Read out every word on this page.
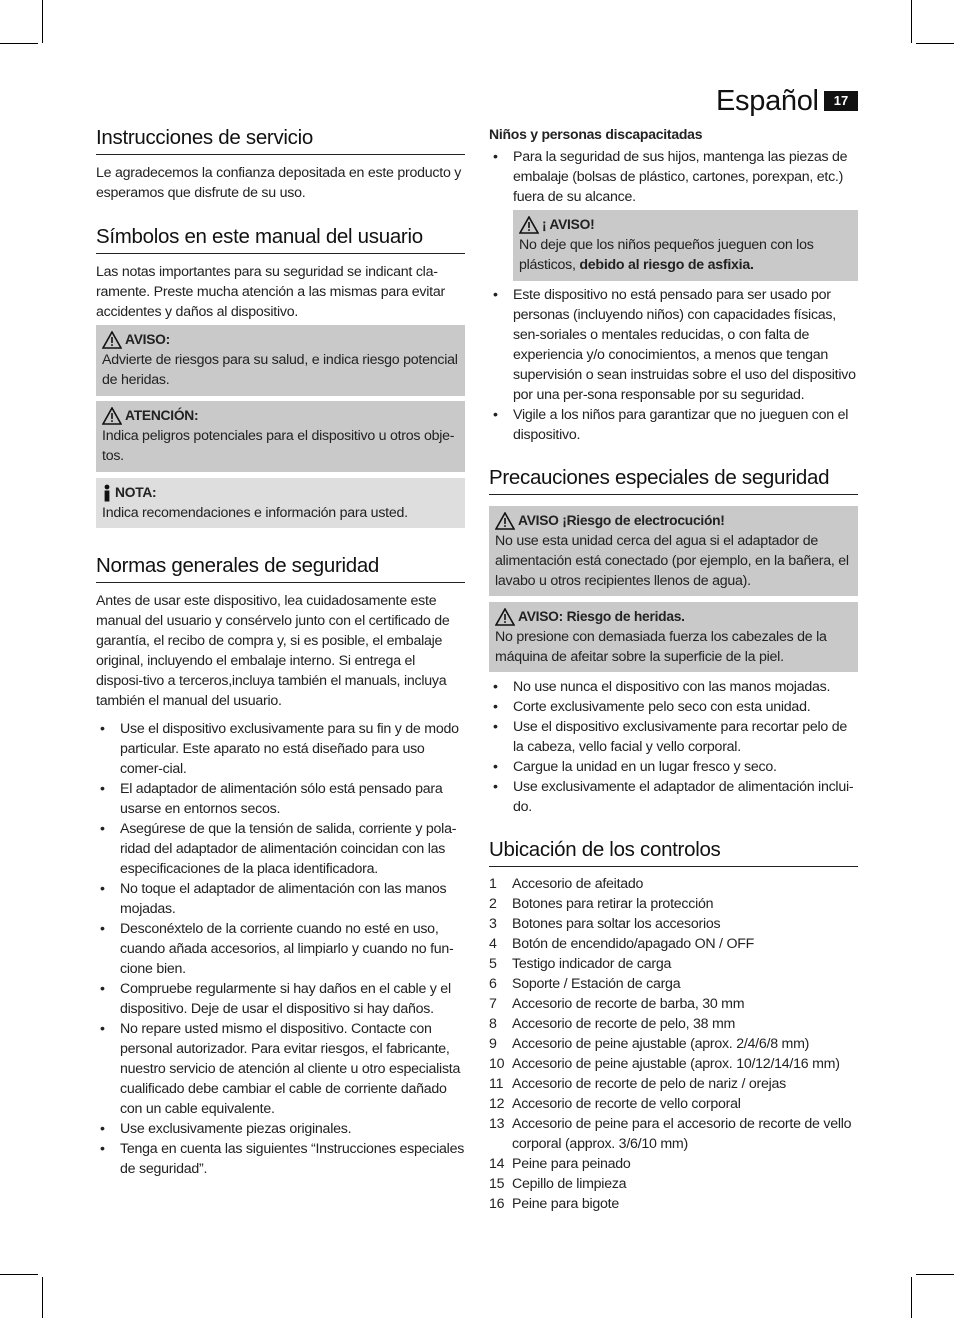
Español	17
Instrucciones de servicio

Le agradecemos la confianza depositada en este producto y esperamos que disfrute de su uso.

Símbolos en este manual del usuario

Las notas importantes para su seguridad se indicant cla-ramente. Preste mucha atención a las mismas para evitar accidentes y daños al dispositivo.

AVISO:
Advierte de riesgos para su salud, e indica riesgo potencial de heridas.
ATENCIÓN:
Indica peligros potenciales para el dispositivo u otros obje-tos.
NOTA:
Indica recomendaciones e información para usted.
Normas generales de seguridad

Antes de usar este dispositivo, lea cuidadosamente este manual del usuario y consérvelo junto con el certificado de garantía, el recibo de compra y, si es posible, el embalaje original, incluyendo el embalaje interno. Si entrega el disposi-tivo a terceros,incluya también el manuals, incluya también el manual del usuario.

• Use el dispositivo exclusivamente para su fin y de modo particular. Este aparato no está diseñado para uso comer-cial.
• El adaptador de alimentación sólo está pensado para usarse en entornos secos.
• Asegúrese de que la tensión de salida, corriente y pola-ridad del adaptador de alimentación coincidan con las especificaciones de la placa identificadora.
• No toque el adaptador de alimentación con las manos mojadas.
• Desconéxtelo de la corriente cuando no esté en uso, cuando añada accesorios, al limpiarlo y cuando no fun-cione bien.
• Compruebe regularmente si hay daños en el cable y el dispositivo. Deje de usar el dispositivo si hay daños.
• No repare usted mismo el dispositivo. Contacte con personal autorizador. Para evitar riesgos, el fabricante, nuestro servicio de atención al cliente u otro especialista cualificado debe cambiar el cable de corriente dañado con un cable equivalente.
• Use exclusivamente piezas originales.
• Tenga en cuenta las siguientes “Instrucciones especiales de seguridad”.
Niños y personas discapacitadas
• Para la seguridad de sus hijos, mantenga las piezas de embalaje (bolsas de plástico, cartones, porexpan, etc.) fuera de su alcance.
¡ AVISO!
No deje que los niños pequeños jueguen con los plásticos, debido al riesgo de asfixia.
• Este dispositivo no está pensado para ser usado por personas (incluyendo niños) con capacidades físicas, sen-soriales o mentales reducidas, o con falta de experiencia y/o conocimientos, a menos que tengan supervisión o sean instruidas sobre el uso del dispositivo por una per-sona responsable por su seguridad.
• Vigile a los niños para garantizar que no jueguen con el dispositivo.
Precauciones especiales de seguridad
AVISO ¡Riesgo de electrocución!
No use esta unidad cerca del agua si el adaptador de alimentación está conectado (por ejemplo, en la bañera, el lavabo u otros recipientes llenos de agua).
AVISO: Riesgo de heridas.
No presione con demasiada fuerza los cabezales de la máquina de afeitar sobre la superficie de la piel.
• No use nunca el dispositivo con las manos mojadas.
• Corte exclusivamente pelo seco con esta unidad.
• Use el dispositivo exclusivamente para recortar pelo de la cabeza, vello facial y vello corporal.
• Cargue la unidad en un lugar fresco y seco.
• Use exclusivamente el adaptador de alimentación inclui-do.
Ubicación de los controlos
1 Accesorio de afeitado
2 Botones para retirar la protección
3 Botones para soltar los accesorios
4 Botón de encendido/apagado ON / OFF
5 Testigo indicador de carga
6 Soporte / Estación de carga
7 Accesorio de recorte de barba, 30 mm
8 Accesorio de recorte de pelo, 38 mm
9 Accesorio de peine ajustable (aprox. 2/4/6/8 mm)
10 Accesorio de peine ajustable (aprox. 10/12/14/16 mm)
11 Accesorio de recorte de pelo de nariz / orejas
12 Accesorio de recorte de vello corporal
13 Accesorio de peine para el accesorio de recorte de vello corporal (approx. 3/6/10 mm)
14 Peine para peinado
15 Cepillo de limpieza
16 Peine para bigote
